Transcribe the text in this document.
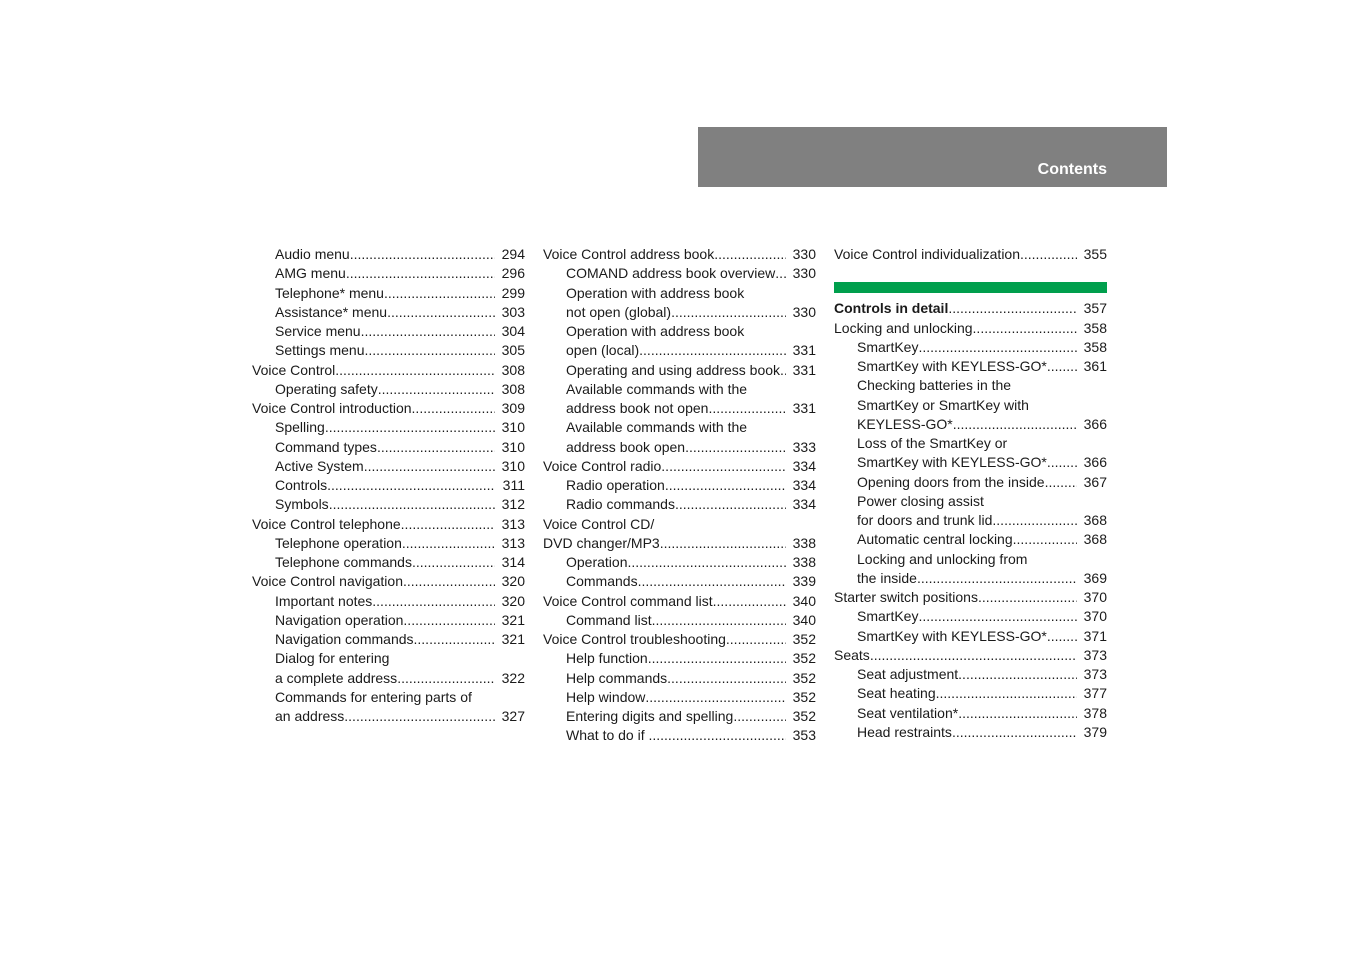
Contents
Audio menu .....	294
AMG menu .....	296
Telephone* menu .....	299
Assistance* menu .....	303
Service menu .....	304
Settings menu .....	305
Voice Control .....	308
Operating safety .....	308
Voice Control introduction .....	309
Spelling .....	310
Command types .....	310
Active System .....	310
Controls .....	311
Symbols .....	312
Voice Control telephone .....	313
Telephone operation .....	313
Telephone commands .....	314
Voice Control navigation .....	320
Important notes .....	320
Navigation operation .....	321
Navigation commands .....	321
Dialog for entering
a complete address .....	322
Commands for entering parts of
an address .....	327
Voice Control address book .....	330
COMAND address book overview ..... 330
Operation with address book
not open (global) .....	330
Operation with address book
open (local) .....	331
Operating and using address book ..... 331
Available commands with the
address book not open .....	331
Available commands with the
address book open .....	333
Voice Control radio .....	334
Radio operation .....	334
Radio commands .....	334
Voice Control CD/
DVD changer/MP3 .....	338
Operation .....	338
Commands .....	339
Voice Control command list .....	340
Command list .....	340
Voice Control troubleshooting .....	352
Help function .....	352
Help commands .....	352
Help window .....	352
Entering digits and spelling .....	352
What to do if ... .....	353
Voice Control individualization .....	355
Controls in detail .....	357
Locking and unlocking .....	358
SmartKey .....	358
SmartKey with KEYLESS-GO* .....	361
Checking batteries in the
SmartKey or SmartKey with
KEYLESS-GO* .....	366
Loss of the SmartKey or
SmartKey with KEYLESS-GO* .....	366
Opening doors from the inside .....	367
Power closing assist
for doors and trunk lid .....	368
Automatic central locking .....	368
Locking and unlocking from
the inside .....	369
Starter switch positions .....	370
SmartKey .....	370
SmartKey with KEYLESS-GO* .....	371
Seats .....	373
Seat adjustment .....	373
Seat heating .....	377
Seat ventilation* .....	378
Head restraints .....	379
